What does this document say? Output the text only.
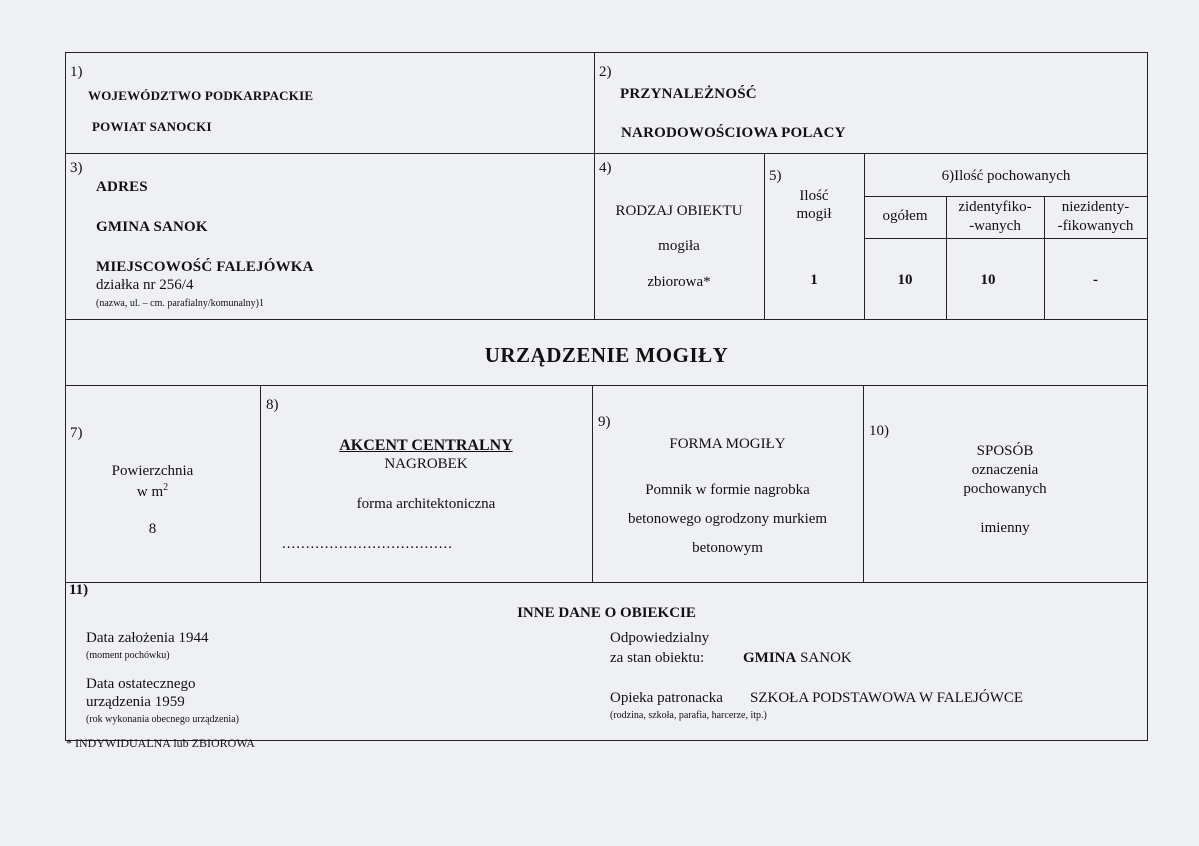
1)
WOJEWÓDZTWO PODKARPACKIE
POWIAT SANOCKI
2)
PRZYNALEŻNOŚĆ
NARODOWOŚCIOWA POLACY
3)
ADRES
GMINA SANOK
MIEJSCOWOŚĆ FALEJÓWKA
działka nr 256/4
(nazwa, ul. – cm. parafialny/komunalny)1
4)
RODZAJ OBIEKTU
mogiła
zbiorowa*
5)
Ilość
mogił
1
6)Ilość pochowanych
ogółem
zidentyfiko-
-wanych
niezidenty-
-fikowanych
10	10	-
URZĄDZENIE MOGIŁY
7)
Powierzchnia
w $m^2$
8
8)
AKCENT CENTRALNY
NAGROBEK
forma architektoniczna
....................................
9)
FORMA MOGIŁY
Pomnik w formie nagrobka
betonowego ogrodzony murkiem
betonowym
10)
SPOSÓB
oznaczenia
pochowanych
imienny
11)
INNE DANE O OBIEKCIE
Data założenia 1944
(moment pochówku)
Data ostatecznego
urządzenia 1959
(rok wykonania obecnego urządzenia)
Odpowiedzialny
za stan obiektu:	GMINA SANOK
Opieka patronacka SZKOŁA PODSTAWOWA W FALEJÓWCE
(rodzina, szkoła, parafia, harcerze, itp.)
* INDYWIDUALNA lub ZBIOROWA
